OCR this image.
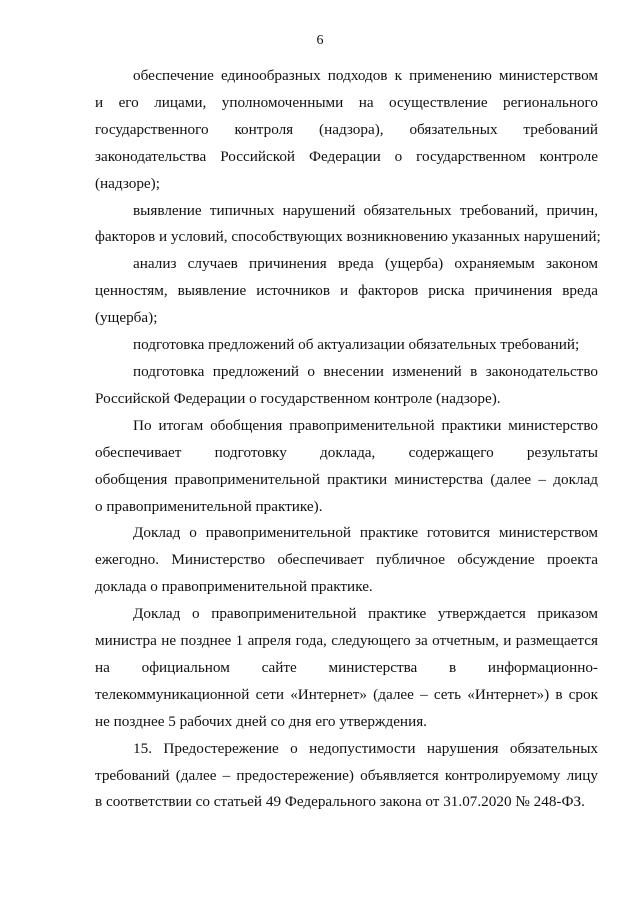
6

обеспечение единообразных подходов к применению министерством
и его лицами, уполномоченными на осуществление регионального
государственного контроля (надзора), обязательных требований
законодательства Российской Федерации о государственном контроле
(надзоре);

выявление типичных нарушений обязательных требований, причин,
факторов и условий, способствующих возникновению указанных нарушений;

анализ случаев причинения вреда (ущерба) охраняемым законом
ценностям, выявление источников и факторов риска причинения вреда
(ущерба);

подготовка предложений об актуализации обязательных требований;

подготовка предложений о внесении изменений в законодательство
Российской Федерации о государственном контроле (надзоре).

По итогам обобщения правоприменительной практики министерство
обеспечивает подготовку доклада, содержащего результаты
обобщения правоприменительной практики министерства (далее – доклад
о правоприменительной практике).

Доклад о правоприменительной практике готовится министерством
ежегодно. Министерство обеспечивает публичное обсуждение проекта
доклада о правоприменительной практике.

Доклад о правоприменительной практике утверждается приказом
министра не позднее 1 апреля года, следующего за отчетным, и размещается
на официальном сайте министерства в информационно-
телекоммуникационной сети «Интернет» (далее – сеть «Интернет») в срок
не позднее 5 рабочих дней со дня его утверждения.

15. Предостережение о недопустимости нарушения обязательных
требований (далее – предостережение) объявляется контролируемому лицу
в соответствии со статьей 49 Федерального закона от 31.07.2020 № 248-ФЗ.
